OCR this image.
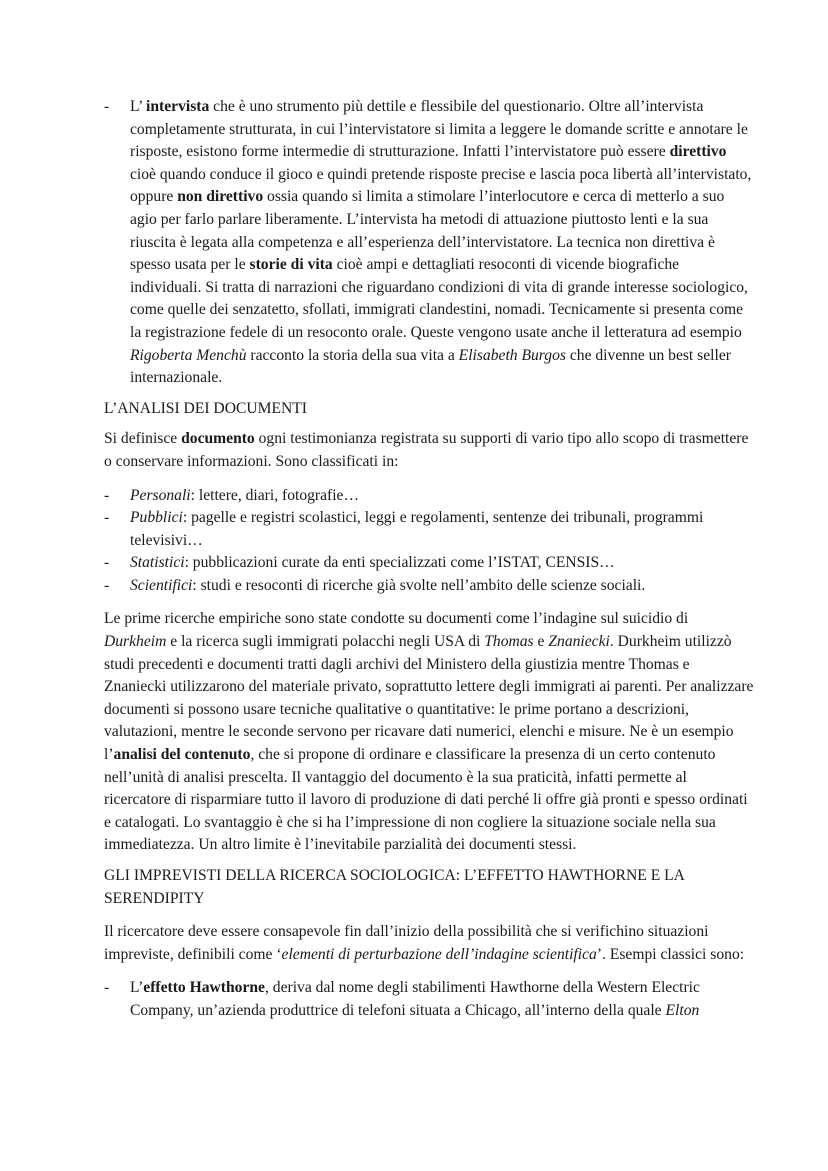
- L’ intervista che è uno strumento più dettile e flessibile del questionario. Oltre all’intervista completamente strutturata, in cui l’intervistatore si limita a leggere le domande scritte e annotare le risposte, esistono forme intermedie di strutturazione. Infatti l’intervistatore può essere direttivo cioè quando conduce il gioco e quindi pretende risposte precise e lascia poca libertà all’intervistato, oppure non direttivo ossia quando si limita a stimolare l’interlocutore e cerca di metterlo a suo agio per farlo parlare liberamente. L’intervista ha metodi di attuazione piuttosto lenti e la sua riuscita è legata alla competenza e all’esperienza dell’intervistatore. La tecnica non direttiva è spesso usata per le storie di vita cioè ampi e dettagliati resoconti di vicende biografiche individuali. Si tratta di narrazioni che riguardano condizioni di vita di grande interesse sociologico, come quelle dei senzatetto, sfollati, immigrati clandestini, nomadi. Tecnicamente si presenta come la registrazione fedele di un resoconto orale. Queste vengono usate anche il letteratura ad esempio Rigoberta Menchù racconto la storia della sua vita a Elisabeth Burgos che divenne un best seller internazionale.

L’ANALISI DEI DOCUMENTI

Si definisce documento ogni testimonianza registrata su supporti di vario tipo allo scopo di trasmettere o conservare informazioni. Sono classificati in:

- Personali: lettere, diari, fotografie…

- Pubblici: pagelle e registri scolastici, leggi e regolamenti, sentenze dei tribunali, programmi televisivi…

- Statistici: pubblicazioni curate da enti specializzati come l’ISTAT, CENSIS…

- Scientifici: studi e resoconti di ricerche già svolte nell’ambito delle scienze sociali.

Le prime ricerche empiriche sono state condotte su documenti come l’indagine sul suicidio di Durkheim e la ricerca sugli immigrati polacchi negli USA di Thomas e Znaniecki. Durkheim utilizzò studi precedenti e documenti tratti dagli archivi del Ministero della giustizia mentre Thomas e Znaniecki utilizzarono del materiale privato, soprattutto lettere degli immigrati ai parenti. Per analizzare documenti si possono usare tecniche qualitative o quantitative: le prime portano a descrizioni, valutazioni, mentre le seconde servono per ricavare dati numerici, elenchi e misure. Ne è un esempio l’analisi del contenuto, che si propone di ordinare e classificare la presenza di un certo contenuto nell’unità di analisi prescelta. Il vantaggio del documento è la sua praticità, infatti permette al ricercatore di risparmiare tutto il lavoro di produzione di dati perché li offre già pronti e spesso ordinati e catalogati. Lo svantaggio è che si ha l’impressione di non cogliere la situazione sociale nella sua immediatezza. Un altro limite è l’inevitabile parzialità dei documenti stessi.

GLI IMPREVISTI DELLA RICERCA SOCIOLOGICA: L’EFFETTO HAWTHORNE E LA SERENDIPITY

Il ricercatore deve essere consapevole fin dall’inizio della possibilità che si verifichino situazioni impreviste, definibili come ‘elementi di perturbazione dell’indagine scientifica’. Esempi classici sono:

- L’effetto Hawthorne, deriva dal nome degli stabilimenti Hawthorne della Western Electric Company, un’azienda produttrice di telefoni situata a Chicago, all’interno della quale Elton
